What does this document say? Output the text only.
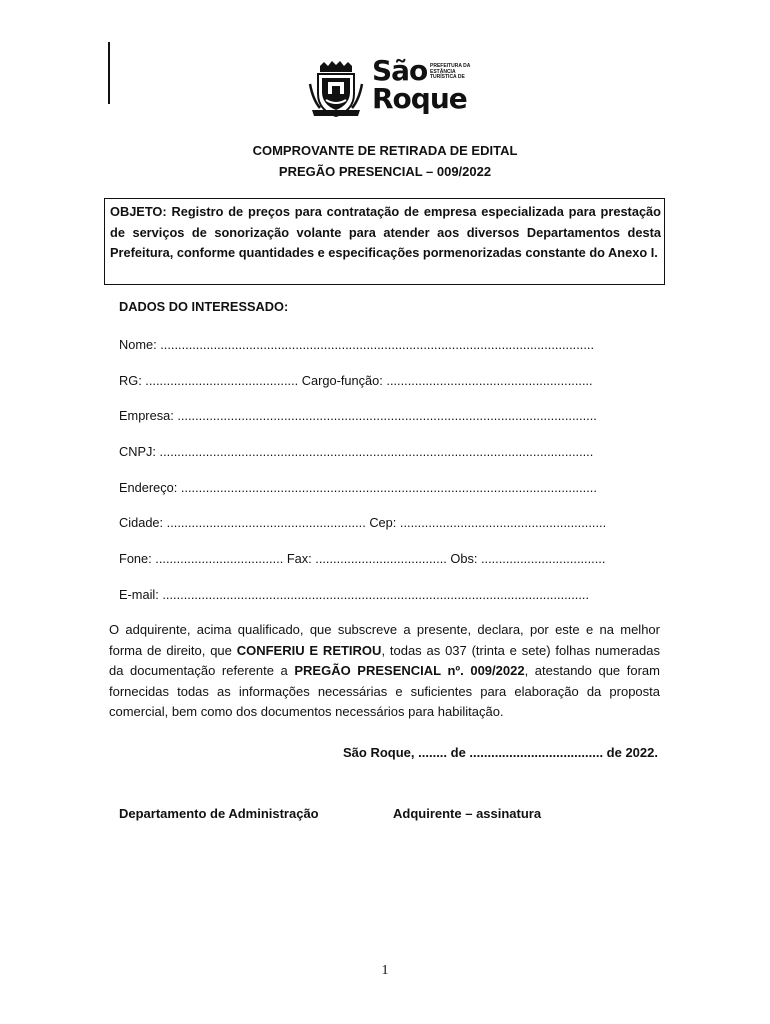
São PREFEITURA DA ESTÂNCIA TURÍSTICA DE
Roque
COMPROVANTE DE RETIRADA DE EDITAL
PREGÃO PRESENCIAL – 009/2022
OBJETO: Registro de preços para contratação de empresa especializada para prestação de serviços de sonorização volante para atender aos diversos Departamentos desta Prefeitura, conforme quantidades e especificações pormenorizadas constante do Anexo I.
DADOS DO INTERESSADO:
Nome: ..........................................................................................................................
RG: ........................................... Cargo-função: ..........................................................
Empresa: ......................................................................................................................
CNPJ: ..........................................................................................................................
Endereço: .....................................................................................................................
Cidade: ........................................................ Cep: ..........................................................
Fone: .................................... Fax: ..................................... Obs: ...................................
E-mail: ........................................................................................................................
O adquirente, acima qualificado, que subscreve a presente, declara, por este e na melhor forma de direito, que CONFERIU E RETIROU, todas as 037 (trinta e sete) folhas numeradas da documentação referente a PREGÃO PRESENCIAL nº. 009/2022, atestando que foram fornecidas todas as informações necessárias e suficientes para elaboração da proposta comercial, bem como dos documentos necessários para habilitação.
São Roque, ........ de ..................................... de 2022.
Departamento de Administração	Adquirente – assinatura
1
